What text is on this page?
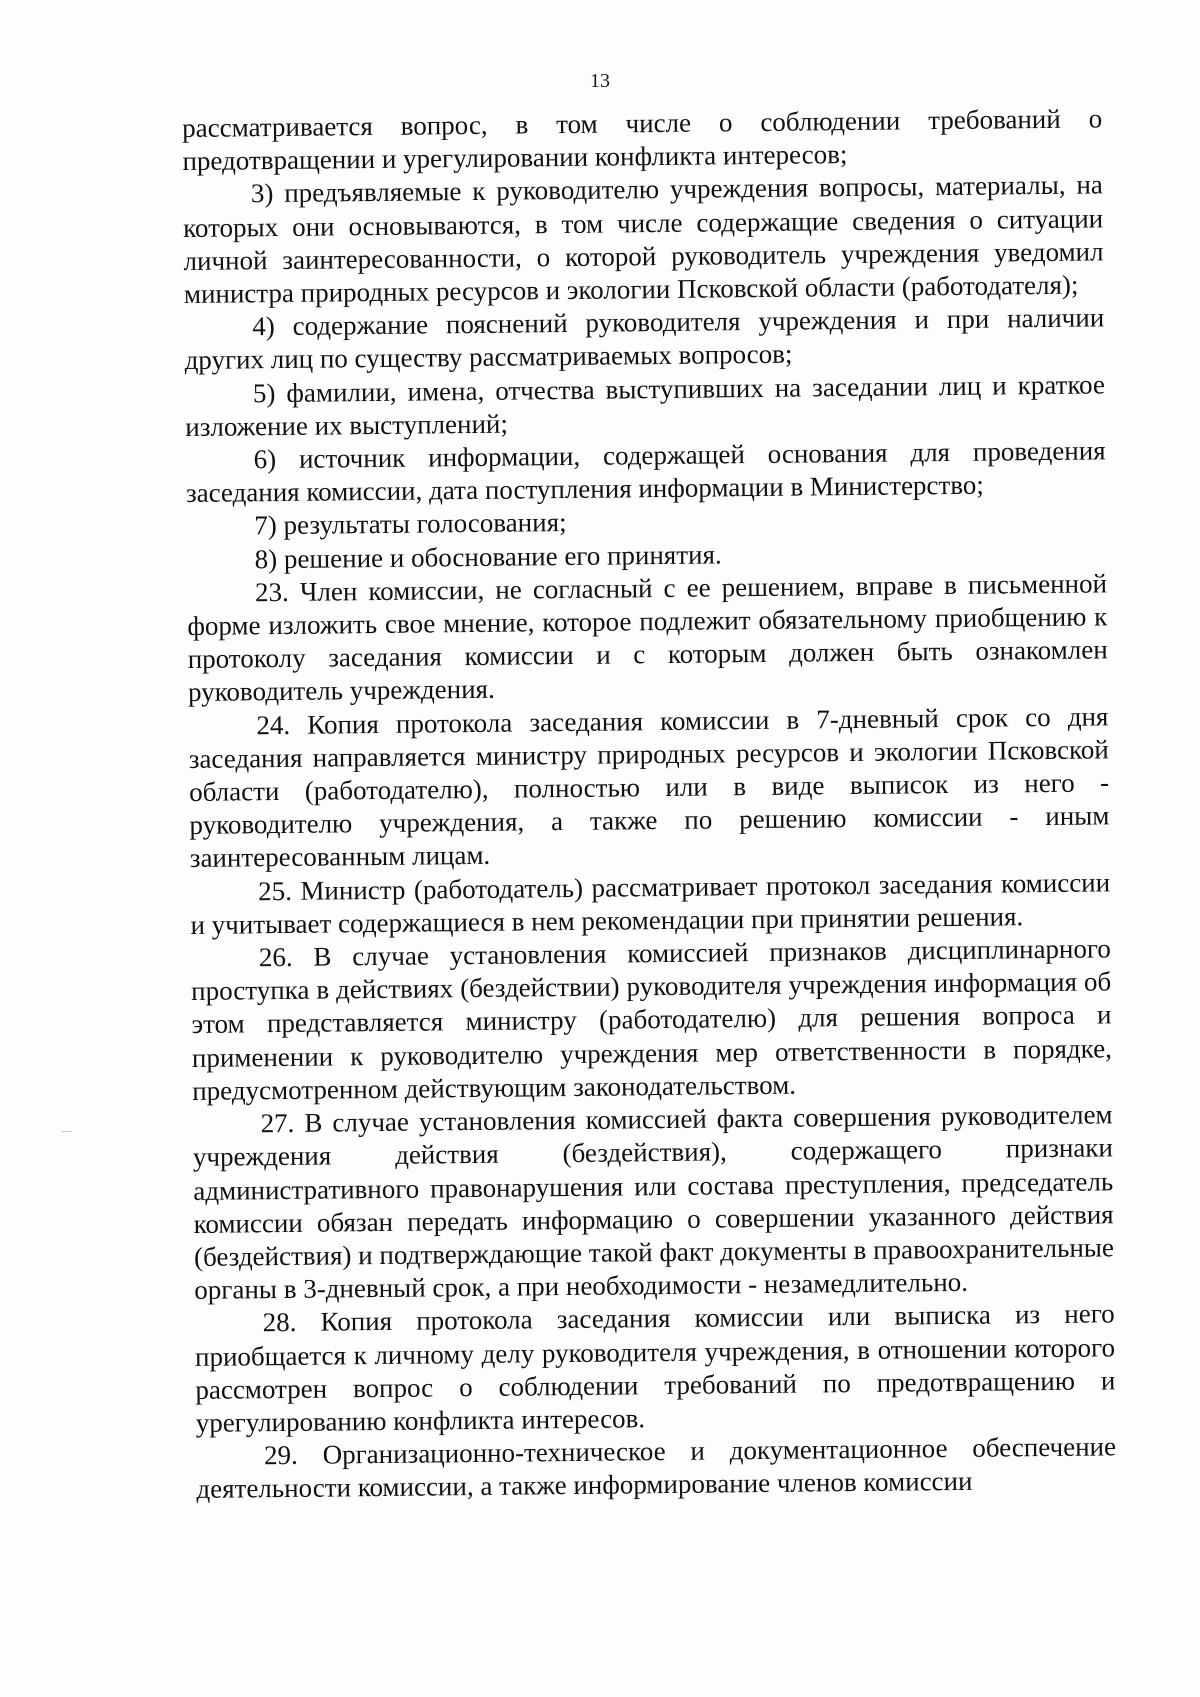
13

рассматривается вопрос, в том числе о соблюдении требований о предотвращении и урегулировании конфликта интересов;

3) предъявляемые к руководителю учреждения вопросы, материалы, на которых они основываются, в том числе содержащие сведения о ситуации личной заинтересованности, о которой руководитель учреждения уведомил министра природных ресурсов и экологии Псковской области (работодателя);

4) содержание пояснений руководителя учреждения и при наличии других лиц по существу рассматриваемых вопросов;

5) фамилии, имена, отчества выступивших на заседании лиц и краткое изложение их выступлений;

6) источник информации, содержащей основания для проведения заседания комиссии, дата поступления информации в Министерство;

7) результаты голосования;

8) решение и обоснование его принятия.

23. Член комиссии, не согласный с ее решением, вправе в письменной форме изложить свое мнение, которое подлежит обязательному приобщению к протоколу заседания комиссии и с которым должен быть ознакомлен руководитель учреждения.

24. Копия протокола заседания комиссии в 7-дневный срок со дня заседания направляется министру природных ресурсов и экологии Псковской области (работодателю), полностью или в виде выписок из него - руководителю учреждения, а также по решению комиссии - иным заинтересованным лицам.

25. Министр (работодатель) рассматривает протокол заседания комиссии и учитывает содержащиеся в нем рекомендации при принятии решения.

26. В случае установления комиссией признаков дисциплинарного проступка в действиях (бездействии) руководителя учреждения информация об этом представляется министру (работодателю) для решения вопроса и применении к руководителю учреждения мер ответственности в порядке, предусмотренном действующим законодательством.

27. В случае установления комиссией факта совершения руководителем учреждения действия (бездействия), содержащего признаки административного правонарушения или состава преступления, председатель комиссии обязан передать информацию о совершении указанного действия (бездействия) и подтверждающие такой факт документы в правоохранительные органы в 3-дневный срок, а при необходимости - незамедлительно.

28. Копия протокола заседания комиссии или выписка из него приобщается к личному делу руководителя учреждения, в отношении которого рассмотрен вопрос о соблюдении требований по предотвращению и урегулированию конфликта интересов.

29. Организационно-техническое и документационное обеспечение деятельности комиссии, а также информирование членов комиссии
